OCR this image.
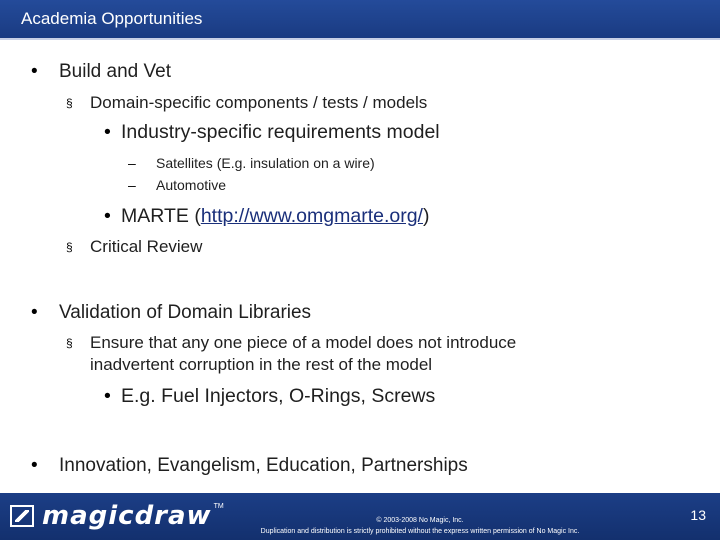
Academia Opportunities
• Build and Vet
§ Domain-specific components / tests / models
• Industry-specific requirements model
– Satellites (E.g. insulation on a wire)
– Automotive
• MARTE (http://www.omgmarte.org/)
§ Critical Review
• Validation of Domain Libraries
§ Ensure that any one piece of a model does not introduce
inadvertent corruption in the rest of the model
• E.g. Fuel Injectors, O-Rings, Screws
• Innovation, Evangelism, Education, Partnerships
magicdraw TM
© 2003-2008 No Magic, Inc.
Duplication and distribution is strictly prohibited without the express written permission of No Magic Inc.
13
